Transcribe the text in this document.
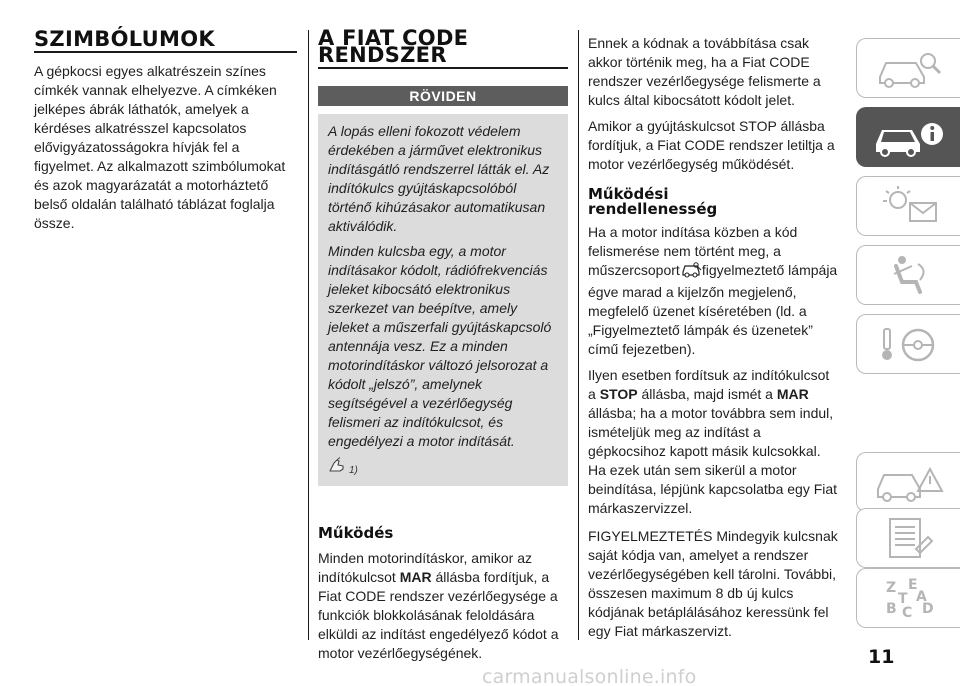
SZIMBÓLUMOK
A gépkocsi egyes alkatrészein színes címkék vannak elhelyezve. A címkéken jelképes ábrák láthatók, amelyek a kérdéses alkatrésszel kapcsolatos elővigyázatosságokra hívják fel a figyelmet. Az alkalmazott szimbólumokat és azok magyarázatát a motorháztető belső oldalán található táblázat foglalja össze.
A FIAT CODE
RENDSZER
RÖVIDEN
A lopás elleni fokozott védelem érdekében a járművet elektronikus indításgátló rendszerrel látták el. Az indítókulcs gyújtáskapcsolóból történő kihúzásakor automatikusan aktiválódik.
Minden kulcsba egy, a motor indításakor kódolt, rádiófrekvenciás jeleket kibocsátó elektronikus szerkezet van beépítve, amely jeleket a műszerfali gyújtáskapcsoló antennája vesz. Ez a minden motorindításkor változó jelsorozat a kódolt „jelszó”, amelynek segítségével a vezérlőegység felismeri az indítókulcsot, és engedélyezi a motor indítását.
1)
Működés
Minden motorindításkor, amikor az indítókulcsot MAR állásba fordítjuk, a Fiat CODE rendszer vezérlőegysége a funkciók blokkolásának feloldására elküldi az indítást engedélyező kódot a motor vezérlőegységének.
Ennek a kódnak a továbbítása csak akkor történik meg, ha a Fiat CODE rendszer vezérlőegysége felismerte a kulcs által kibocsátott kódolt jelet.
Amikor a gyújtáskulcsot STOP állásba fordítjuk, a Fiat CODE rendszer letiltja a motor vezérlőegység működését.
Működési
rendellenesség
Ha a motor indítása közben a kód felismerése nem történt meg, a műszercsoport figyelmeztető lámpája égve marad a kijelzőn megjelenő, megfelelő üzenet kíséretében (ld. a „Figyelmeztető lámpák és üzenetek” című fejezetben).
Ilyen esetben fordítsuk az indítókulcsot a STOP állásba, majd ismét a MAR állásba; ha a motor továbbra sem indul, ismételjük meg az indítást a gépkocsihoz kapott másik kulcsokkal. Ha ezek után sem sikerül a motor beindítása, lépjünk kapcsolatba egy Fiat márkaszervizzel.
FIGYELMEZTETÉS Mindegyik kulcsnak saját kódja van, amelyet a rendszer vezérlőegységében kell tárolni. További, összesen maximum 8 db új kulcs kódjának betáplálásához keressünk fel egy Fiat márkaszervizt.
Z E
B D
C
A
T
11
carmanualsonline.info
